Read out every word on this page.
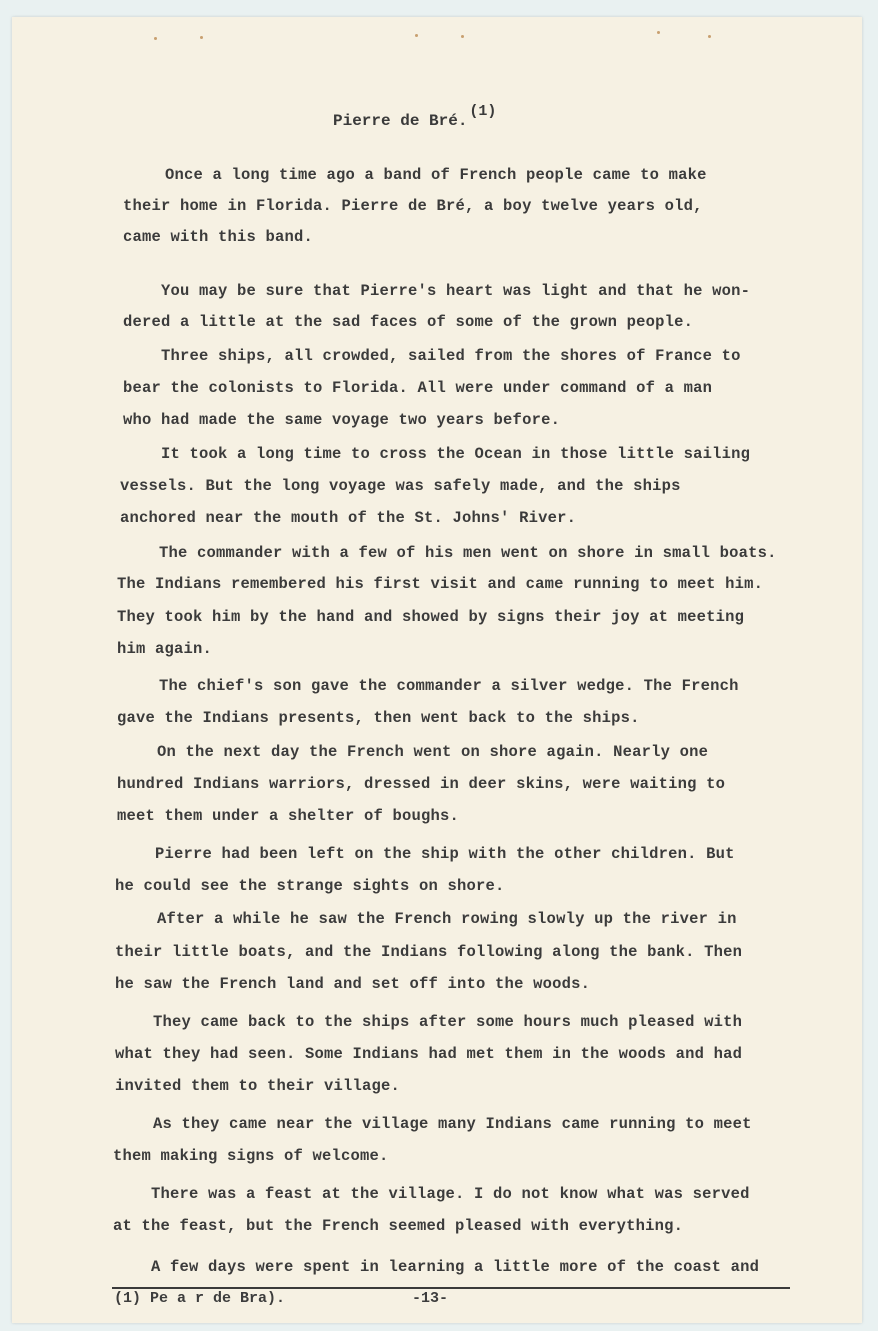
Pierre de Bré.(1)
Once a long time ago a band of French people came to make
their home in Florida. Pierre de Bré, a boy twelve years old,
came with this band.
You may be sure that Pierre's heart was light and that he won-
dered a little at the sad faces of some of the grown people.
Three ships, all crowded, sailed from the shores of France to
bear the colonists to Florida. All were under command of a man
who had made the same voyage two years before.
It took a long time to cross the Ocean in those little sailing
vessels. But the long voyage was safely made, and the ships
anchored near the mouth of the St. Johns' River.
The commander with a few of his men went on shore in small boats.
The Indians remembered his first visit and came running to meet him.
They took him by the hand and showed by signs their joy at meeting
him again.
The chief's son gave the commander a silver wedge. The French
gave the Indians presents, then went back to the ships.
On the next day the French went on shore again. Nearly one
hundred Indians warriors, dressed in deer skins, were waiting to
meet them under a shelter of boughs.
Pierre had been left on the ship with the other children. But
he could see the strange sights on shore.
After a while he saw the French rowing slowly up the river in
their little boats, and the Indians following along the bank. Then
he saw the French land and set off into the woods.
They came back to the ships after some hours much pleased with
what they had seen. Some Indians had met them in the woods and had
invited them to their village.
As they came near the village many Indians came running to meet
them making signs of welcome.
There was a feast at the village. I do not know what was served
at the feast, but the French seemed pleased with everything.
A few days were spent in learning a little more of the coast and
(1) Pe a r de Bra).	-13-
